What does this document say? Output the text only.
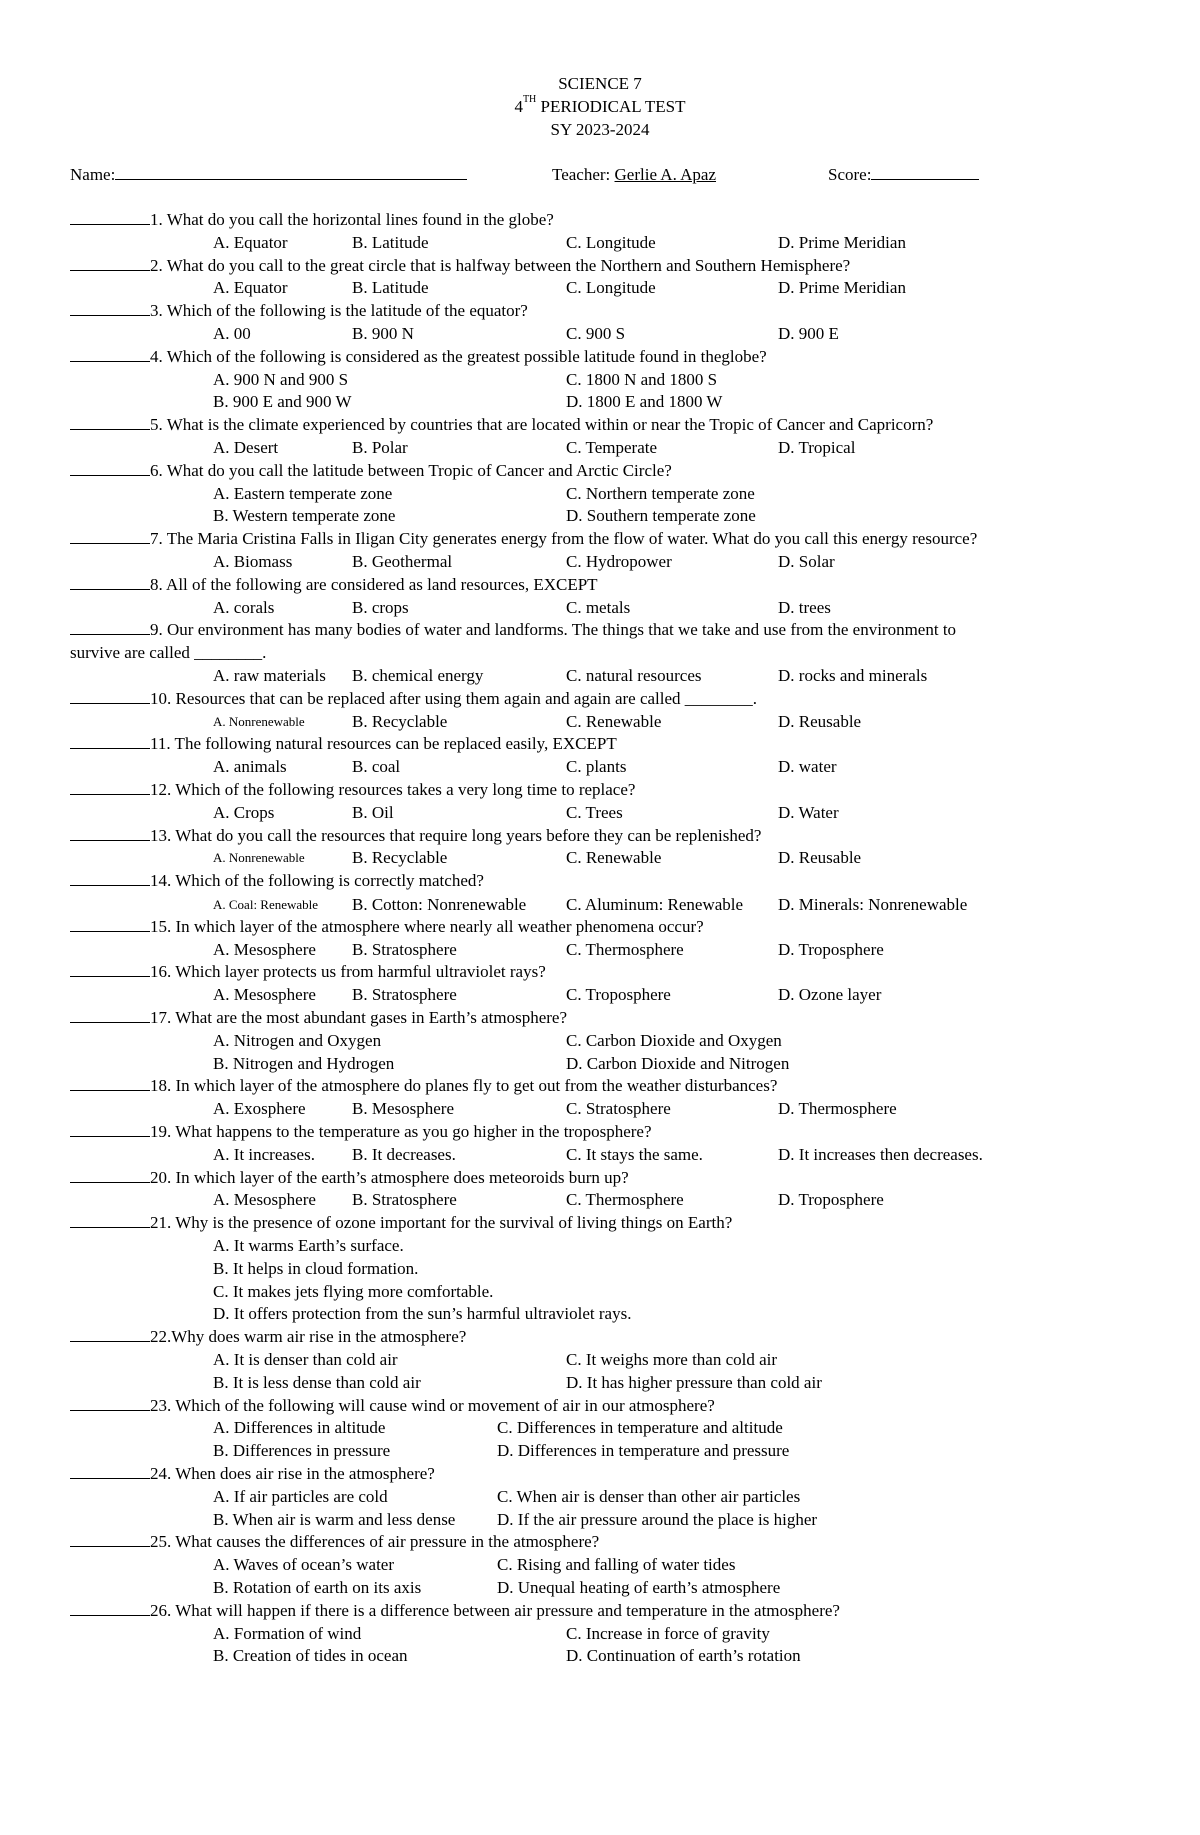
SCIENCE 7
4TH PERIODICAL TEST
SY 2023-2024
Name:	Teacher: Gerlie A. Apaz	Score:
1. What do you call the horizontal lines found in the globe?
A. Equator	B. Latitude	C. Longitude	D. Prime Meridian
2. What do you call to the great circle that is halfway between the Northern and Southern Hemisphere?
A. Equator	B. Latitude	C. Longitude	D. Prime Meridian
3. Which of the following is the latitude of the equator?
A. 00	B. 900 N	C. 900 S	D. 900 E
4. Which of the following is considered as the greatest possible latitude found in theglobe?
A. 900 N and 900 S	C. 1800 N and 1800 S
B. 900 E and 900 W	D. 1800 E and 1800 W
5. What is the climate experienced by countries that are located within or near the Tropic of Cancer and Capricorn?
A. Desert	B. Polar	C. Temperate	D. Tropical
6. What do you call the latitude between Tropic of Cancer and Arctic Circle?
A. Eastern temperate zone	C. Northern temperate zone
B. Western temperate zone	D. Southern temperate zone
7. The Maria Cristina Falls in Iligan City generates energy from the flow of water. What do you call this energy resource?
A. Biomass	B. Geothermal	C. Hydropower	D. Solar
8. All of the following are considered as land resources, EXCEPT
A. corals	B. crops	C. metals	D. trees
9. Our environment has many bodies of water and landforms. The things that we take and use from the environment to
survive are called ________.
A. raw materials B. chemical energy	C. natural resources	D. rocks and minerals
10. Resources that can be replaced after using them again and again are called ________.
A. Nonrenewable	B. Recyclable	C. Renewable	D. Reusable
11. The following natural resources can be replaced easily, EXCEPT
A. animals	B. coal	C. plants	D. water
12. Which of the following resources takes a very long time to replace?
A. Crops	B. Oil	C. Trees	D. Water
13. What do you call the resources that require long years before they can be replenished?
A. Nonrenewable	B. Recyclable	C. Renewable	D. Reusable
14. Which of the following is correctly matched?
A. Coal: Renewable B. Cotton: Nonrenewable C. Aluminum: Renewable D. Minerals: Nonrenewable
15. In which layer of the atmosphere where nearly all weather phenomena occur?
A. Mesosphere B. Stratosphere	C. Thermosphere	D. Troposphere
16. Which layer protects us from harmful ultraviolet rays?
A. Mesosphere B. Stratosphere	C. Troposphere	D. Ozone layer
17. What are the most abundant gases in Earth’s atmosphere?
A. Nitrogen and Oxygen	C. Carbon Dioxide and Oxygen
B. Nitrogen and Hydrogen	D. Carbon Dioxide and Nitrogen
18. In which layer of the atmosphere do planes fly to get out from the weather disturbances?
A. Exosphere	B. Mesosphere	C. Stratosphere	D. Thermosphere
19. What happens to the temperature as you go higher in the troposphere?
A. It increases. B. It decreases.	C. It stays the same.	D. It increases then decreases.
20. In which layer of the earth’s atmosphere does meteoroids burn up?
A. Mesosphere B. Stratosphere	C. Thermosphere	D. Troposphere
21. Why is the presence of ozone important for the survival of living things on Earth?
A. It warms Earth’s surface.
B. It helps in cloud formation.
C. It makes jets flying more comfortable.
D. It offers protection from the sun’s harmful ultraviolet rays.
22.Why does warm air rise in the atmosphere?
A. It is denser than cold air	C. It weighs more than cold air
B. It is less dense than cold air	D. It has higher pressure than cold air
23. Which of the following will cause wind or movement of air in our atmosphere?
A. Differences in altitude	C. Differences in temperature and altitude
B. Differences in pressure	D. Differences in temperature and pressure
24. When does air rise in the atmosphere?
A. If air particles are cold	C. When air is denser than other air particles
B. When air is warm and less dense D. If the air pressure around the place is higher
25. What causes the differences of air pressure in the atmosphere?
A. Waves of ocean’s water	C. Rising and falling of water tides
B. Rotation of earth on its axis	D. Unequal heating of earth’s atmosphere
26. What will happen if there is a difference between air pressure and temperature in the atmosphere?
A. Formation of wind	C. Increase in force of gravity
B. Creation of tides in ocean	D. Continuation of earth’s rotation
